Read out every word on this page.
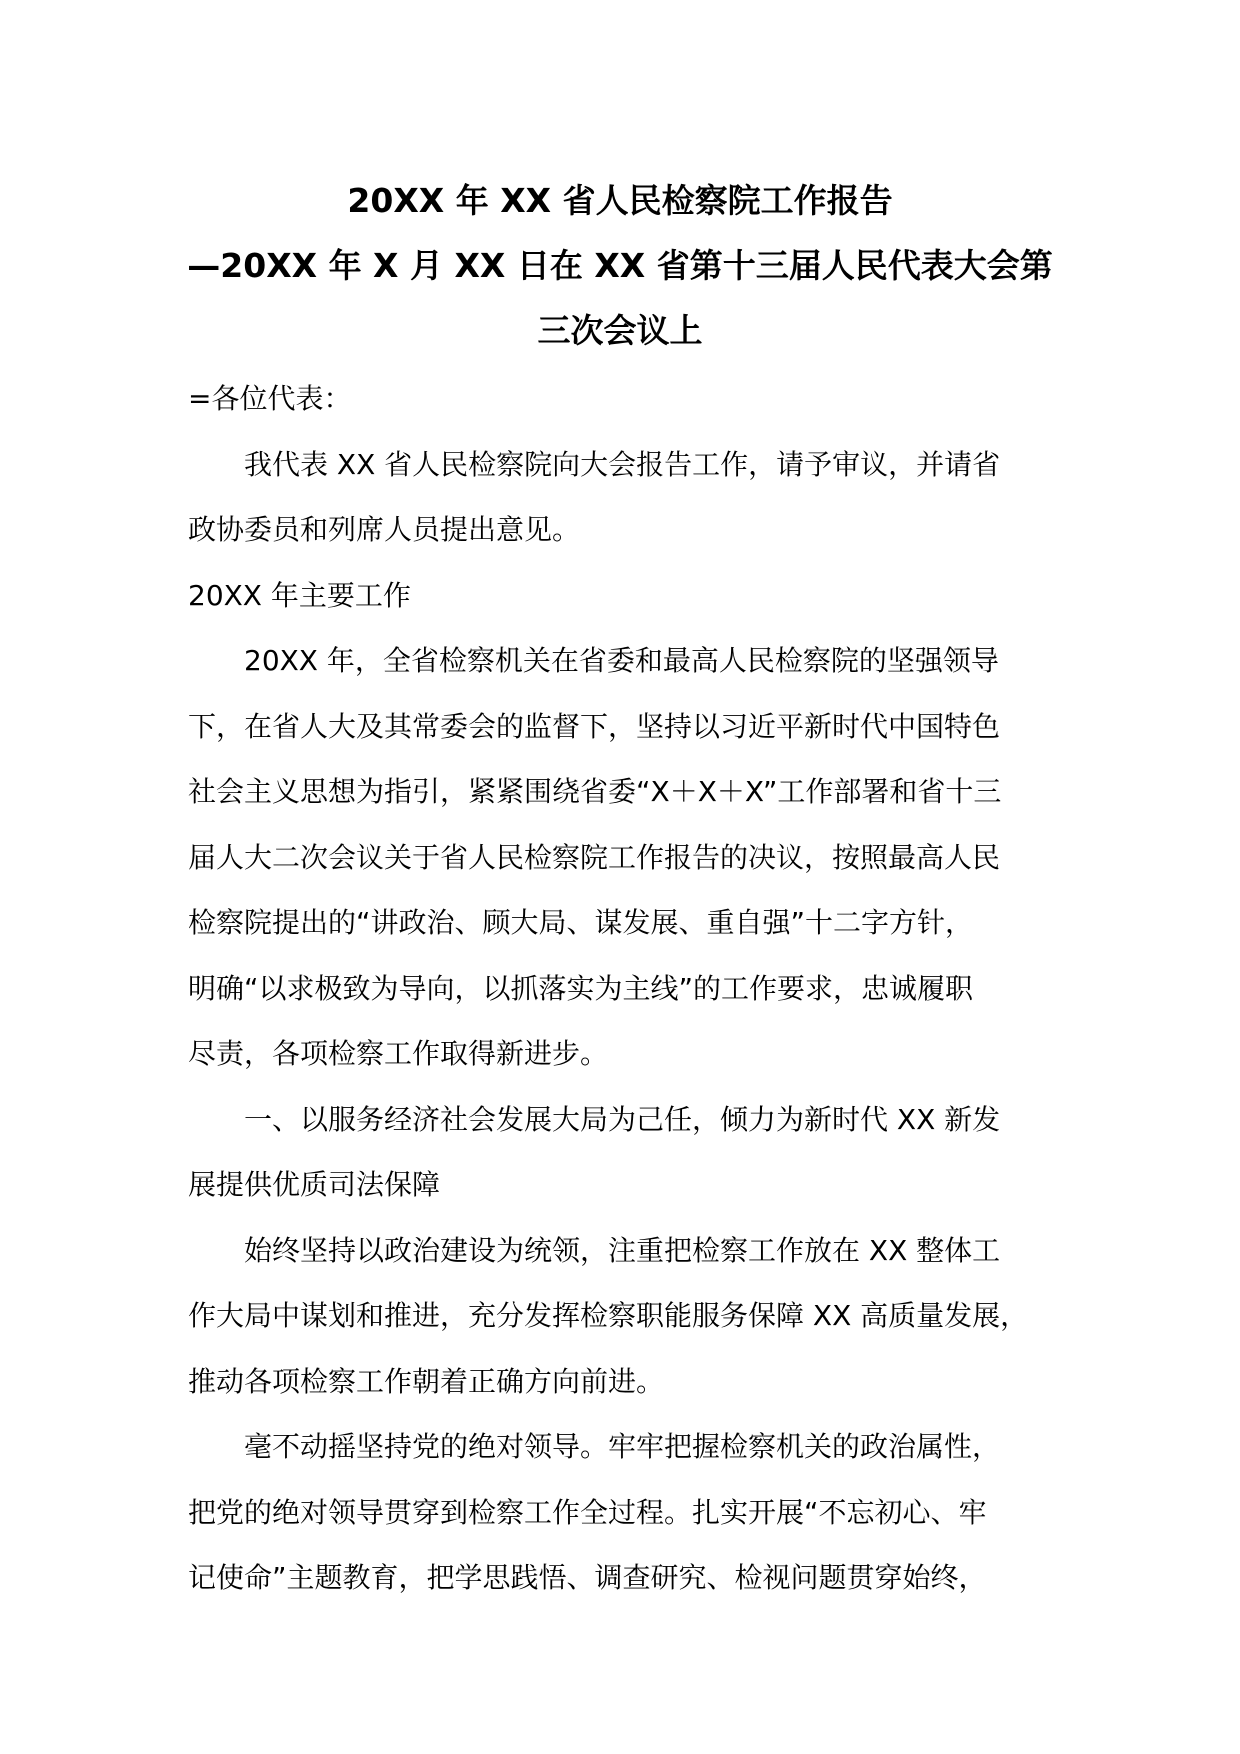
20XX 年 XX 省人民检察院工作报告
—20XX 年 X 月 XX 日在 XX 省第十三届人民代表大会第
三次会议上
=各位代表：
我代表 XX 省人民检察院向大会报告工作，请予审议，并请省
政协委员和列席人员提出意见。
20XX 年主要工作
20XX 年，全省检察机关在省委和最高人民检察院的坚强领导
下，在省人大及其常委会的监督下，坚持以习近平新时代中国特色
社会主义思想为指引，紧紧围绕省委“X＋X＋X”工作部署和省十三
届人大二次会议关于省人民检察院工作报告的决议，按照最高人民
检察院提出的“讲政治、顾大局、谋发展、重自强”十二字方针，
明确“以求极致为导向，以抓落实为主线”的工作要求，忠诚履职
尽责，各项检察工作取得新进步。
一、以服务经济社会发展大局为己任，倾力为新时代 XX 新发
展提供优质司法保障
始终坚持以政治建设为统领，注重把检察工作放在 XX 整体工
作大局中谋划和推进，充分发挥检察职能服务保障 XX 高质量发展，
推动各项检察工作朝着正确方向前进。
毫不动摇坚持党的绝对领导。牢牢把握检察机关的政治属性，
把党的绝对领导贯穿到检察工作全过程。扎实开展“不忘初心、牢
记使命”主题教育，把学思践悟、调查研究、检视问题贯穿始终，
